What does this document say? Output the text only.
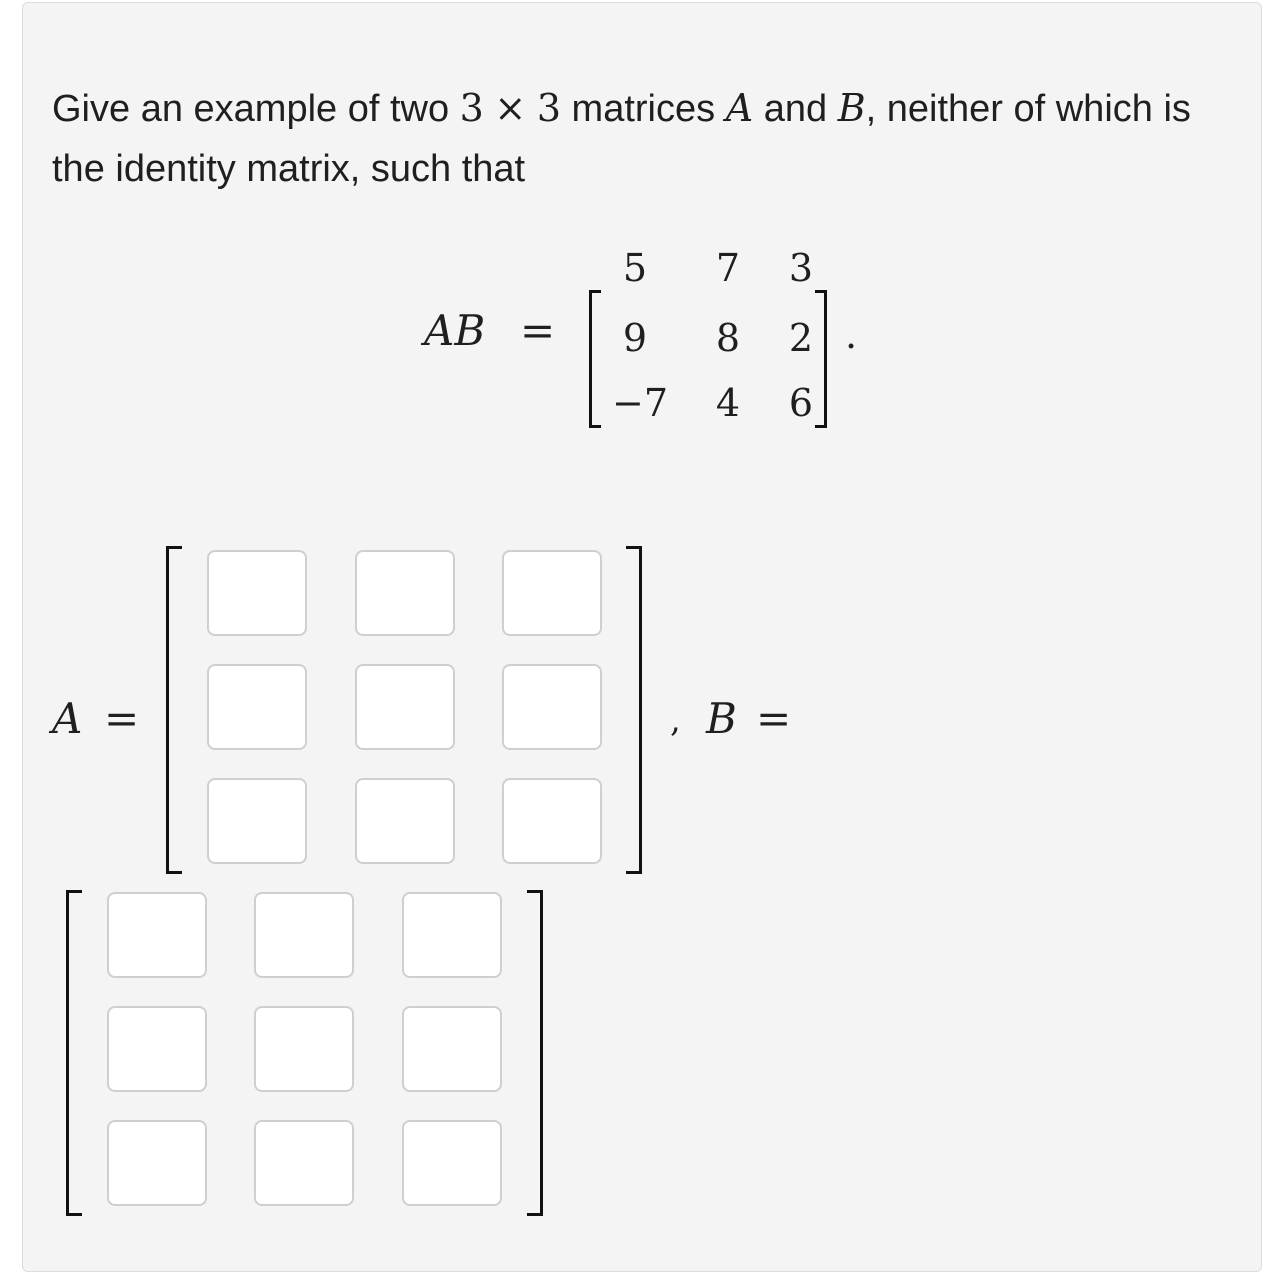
Give an example of two 3 × 3 matrices A and B, neither of which is the identity matrix, such that
AB =
5	7	3
9	8	2
−7	4	6
.
A =	, B =
